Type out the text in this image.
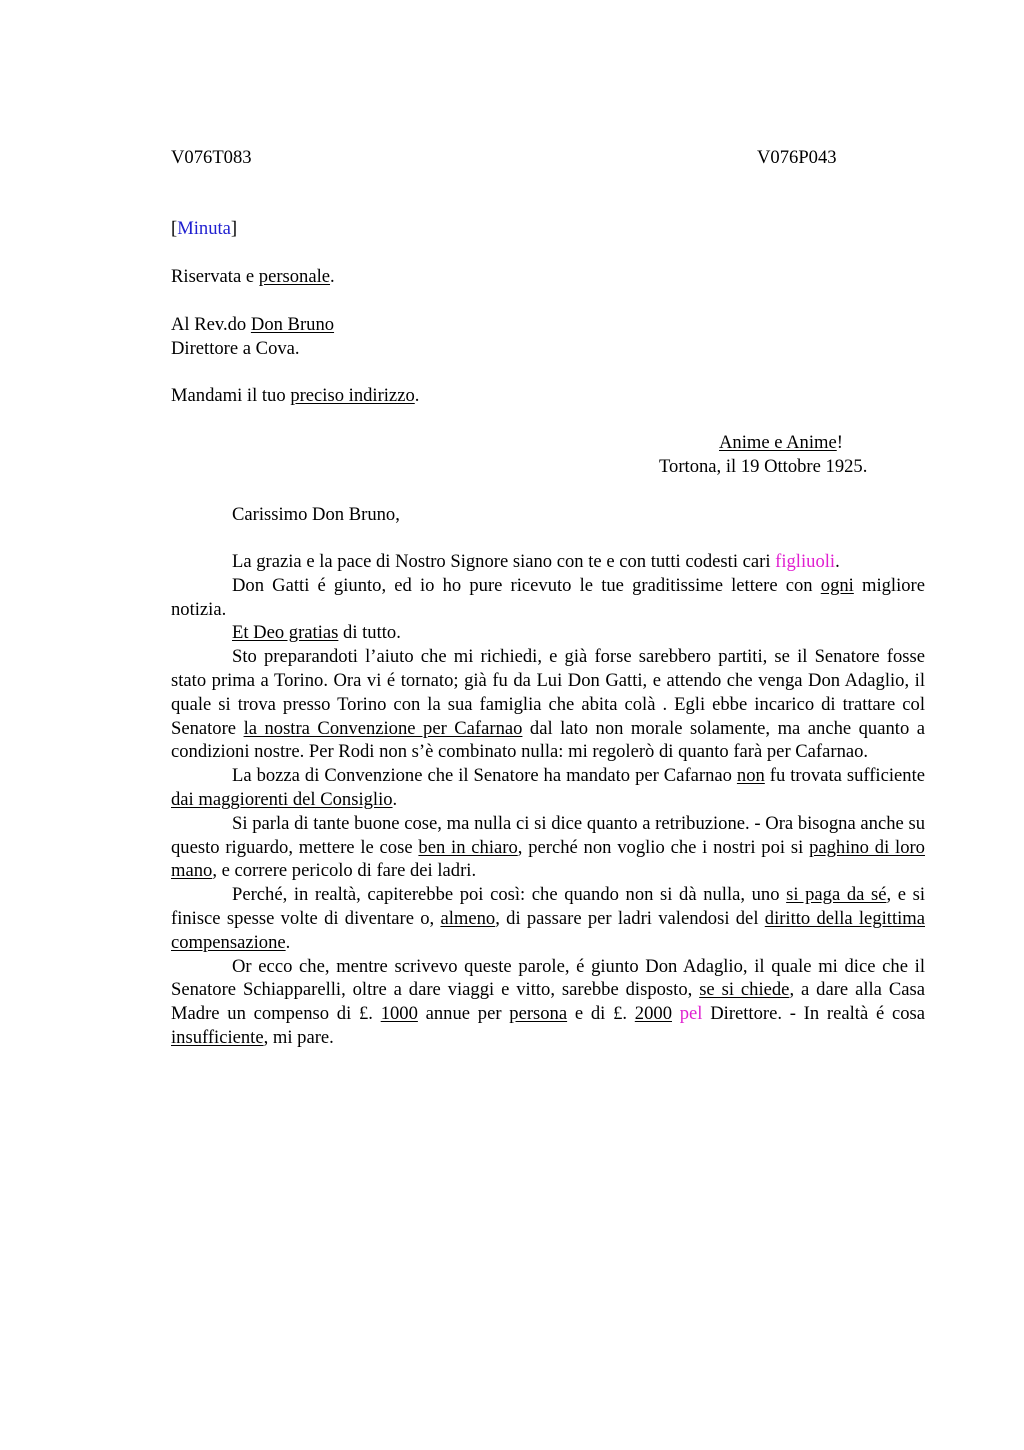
V076T083	V076P043
[Minuta]
Riservata e personale.
Al Rev.do Don Bruno
Direttore a Cova.
Mandami il tuo preciso indirizzo.
Anime e Anime!
Tortona, il 19 Ottobre 1925.
Carissimo Don Bruno,

La grazia e la pace di Nostro Signore siano con te e con tutti codesti cari figliuoli.

Don Gatti é giunto, ed io ho pure ricevuto le tue graditissime lettere con ogni migliore notizia.

Et Deo gratias di tutto.

Sto preparandoti l’aiuto che mi richiedi, e già forse sarebbero partiti, se il Senatore fosse stato prima a Torino. Ora vi é tornato; già fu da Lui Don Gatti, e attendo che venga Don Adaglio, il quale si trova presso Torino con la sua famiglia che abita colà . Egli ebbe incarico di trattare col Senatore la nostra Convenzione per Cafarnao dal lato non morale solamente, ma anche quanto a condizioni nostre. Per Rodi non s’è combinato nulla: mi regolerò di quanto farà per Cafarnao.

La bozza di Convenzione che il Senatore ha mandato per Cafarnao non fu trovata sufficiente dai maggiorenti del Consiglio.

Si parla di tante buone cose, ma nulla ci si dice quanto a retribuzione. - Ora bisogna anche su questo riguardo, mettere le cose ben in chiaro, perché non voglio che i nostri poi si paghino di loro mano, e correre pericolo di fare dei ladri.

Perché, in realtà, capiterebbe poi così: che quando non si dà nulla, uno si paga da sé, e si finisce spesse volte di diventare o, almeno, di passare per ladri valendosi del diritto della legittima compensazione.

Or ecco che, mentre scrivevo queste parole, é giunto Don Adaglio, il quale mi dice che il Senatore Schiapparelli, oltre a dare viaggi e vitto, sarebbe disposto, se si chiede, a dare alla Casa Madre un compenso di £. 1000 annue per persona e di £. 2000 pel Direttore. - In realtà é cosa insufficiente, mi pare.
